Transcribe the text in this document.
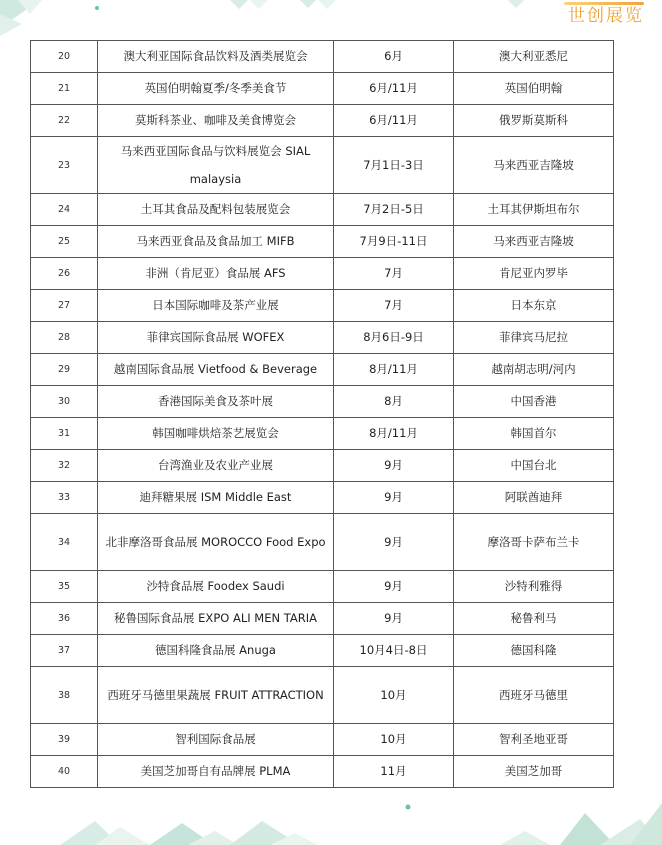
世创展览
20	澳大利亚国际食品饮料及酒类展览会	6月	澳大利亚悉尼
21	英国伯明翰夏季/冬季美食节	6月/11月	英国伯明翰
22	莫斯科茶业、咖啡及美食博览会	6月/11月	俄罗斯莫斯科
23	马来西亚国际食品与饮料展览会 SIAL malaysia	7月1日-3日	马来西亚吉隆坡
24	土耳其食品及配料包装展览会	7月2日-5日	土耳其伊斯坦布尔
25	马来西亚食品及食品加工 MIFB	7月9日-11日	马来西亚吉隆坡
26	非洲（肯尼亚）食品展 AFS	7月	肯尼亚内罗毕
27	日本国际咖啡及茶产业展	7月	日本东京
28	菲律宾国际食品展 WOFEX	8月6日-9日	菲律宾马尼拉
29	越南国际食品展 Vietfood & Beverage	8月/11月	越南胡志明/河内
30	香港国际美食及茶叶展	8月	中国香港
31	韩国咖啡烘焙茶艺展览会	8月/11月	韩国首尔
32	台湾渔业及农业产业展	9月	中国台北
33	迪拜糖果展 ISM Middle East	9月	阿联酋迪拜
34	北非摩洛哥食品展 MOROCCO Food Expo	9月	摩洛哥卡萨布兰卡
35	沙特食品展 Foodex Saudi	9月	沙特利雅得
36	秘鲁国际食品展 EXPO ALI MEN TARIA	9月	秘鲁利马
37	德国科隆食品展 Anuga	10月4日-8日	德国科隆
38	西班牙马德里果蔬展 FRUIT ATTRACTION	10月	西班牙马德里
39	智利国际食品展	10月	智利圣地亚哥
40	美国芝加哥自有品牌展 PLMA	11月	美国芝加哥
